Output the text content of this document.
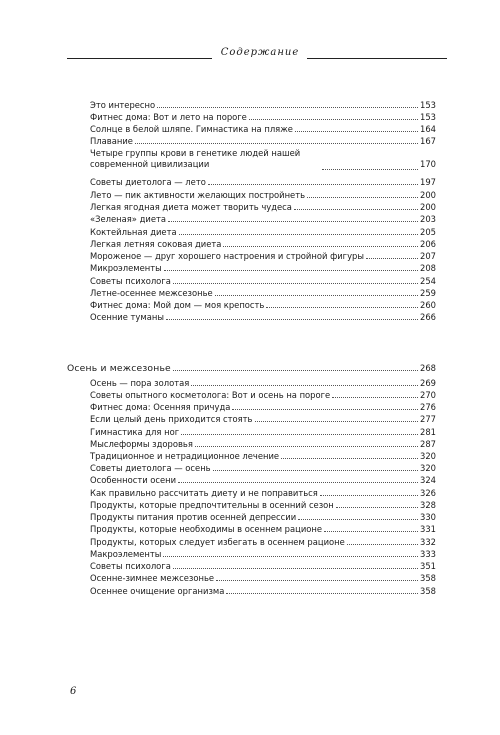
Содержание
Это интересно	153
Фитнес дома: Вот и лето на пороге	153
Солнце в белой шляпе. Гимнастика на пляже	164
Плавание	167
Четыре группы крови в генетике людей нашей современной цивилизации	170
Советы диетолога — лето	197
Лето — пик активности желающих постройнеть	200
Легкая ягодная диета может творить чудеса	200
«Зеленая» диета	203
Коктейльная диета	205
Легкая летняя соковая диета	206
Мороженое — друг хорошего настроения и стройной фигуры	207
Микроэлементы	208
Советы психолога	254
Летне-осеннее межсезонье	259
Фитнес дома: Мой дом — моя крепость	260
Осенние туманы	266
Осень и межсезонье	268
Осень — пора золотая	269
Советы опытного косметолога: Вот и осень на пороге	270
Фитнес дома: Осенняя причуда	276
Если целый день приходится стоять	277
Гимнастика для ног	281
Мыслеформы здоровья	287
Традиционное и нетрадиционное лечение	320
Советы диетолога — осень	320
Особенности осени	324
Как правильно рассчитать диету и не поправиться	326
Продукты, которые предпочтительны в осенний сезон	328
Продукты питания против осенней депрессии	330
Продукты, которые необходимы в осеннем рационе	331
Продукты, которых следует избегать в осеннем рационе	332
Макроэлементы	333
Советы психолога	351
Осенне-зимнее межсезонье	358
Осеннее очищение организма	358
6
